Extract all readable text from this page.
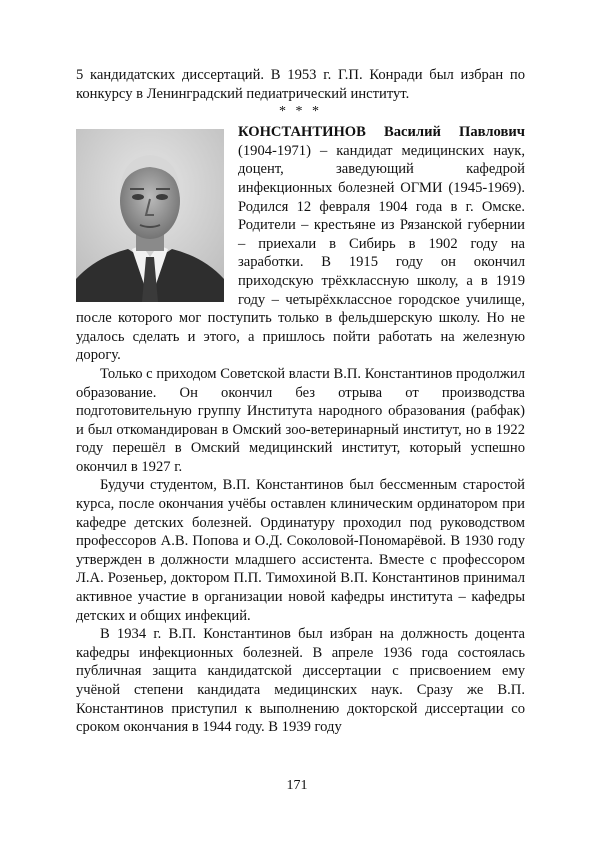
5 кандидатских диссертаций. В 1953 г. Г.П. Конради был избран по конкурсу в Ленинградский педиатрический институт.

* * *

КОНСТАНТИНОВ Василий Павлович (1904-1971) – кандидат медицинских наук, доцент, заведующий кафедрой инфекционных болезней ОГМИ (1945-1969). Родился 12 февраля 1904 года в г. Омске. Родители – крестьяне из Рязанской губернии – приехали в Сибирь в 1902 году на заработки. В 1915 году он окончил приходскую трёхклассную школу, а в 1919 году – четырёхклассное городское училище, после которого мог поступить только в фельдшерскую школу. Но не удалось сделать и этого, а пришлось пойти работать на железную дорогу.

Только с приходом Советской власти В.П. Константинов продолжил образование. Он окончил без отрыва от производства подготовительную группу Института народного образования (рабфак) и был откомандирован в Омский зоо-ветеринарный институт, но в 1922 году перешёл в Омский медицинский институт, который успешно окончил в 1927 г.

Будучи студентом, В.П. Константинов был бессменным старостой курса, после окончания учёбы оставлен клиническим ординатором при кафедре детских болезней. Ординатуру проходил под руководством профессоров А.В. Попова и О.Д. Соколовой-Пономарёвой. В 1930 году утвержден в должности младшего ассистента. Вместе с профессором Л.А. Розеньер, доктором П.П. Тимохиной В.П. Константинов принимал активное участие в организации новой кафедры института – кафедры детских и общих инфекций.

В 1934 г. В.П. Константинов был избран на должность доцента кафедры инфекционных болезней. В апреле 1936 года состоялась публичная защита кандидатской диссертации с присвоением ему учёной степени кандидата медицинских наук. Сразу же В.П. Константинов приступил к выполнению докторской диссертации со сроком окончания в 1944 году. В 1939 году

171
